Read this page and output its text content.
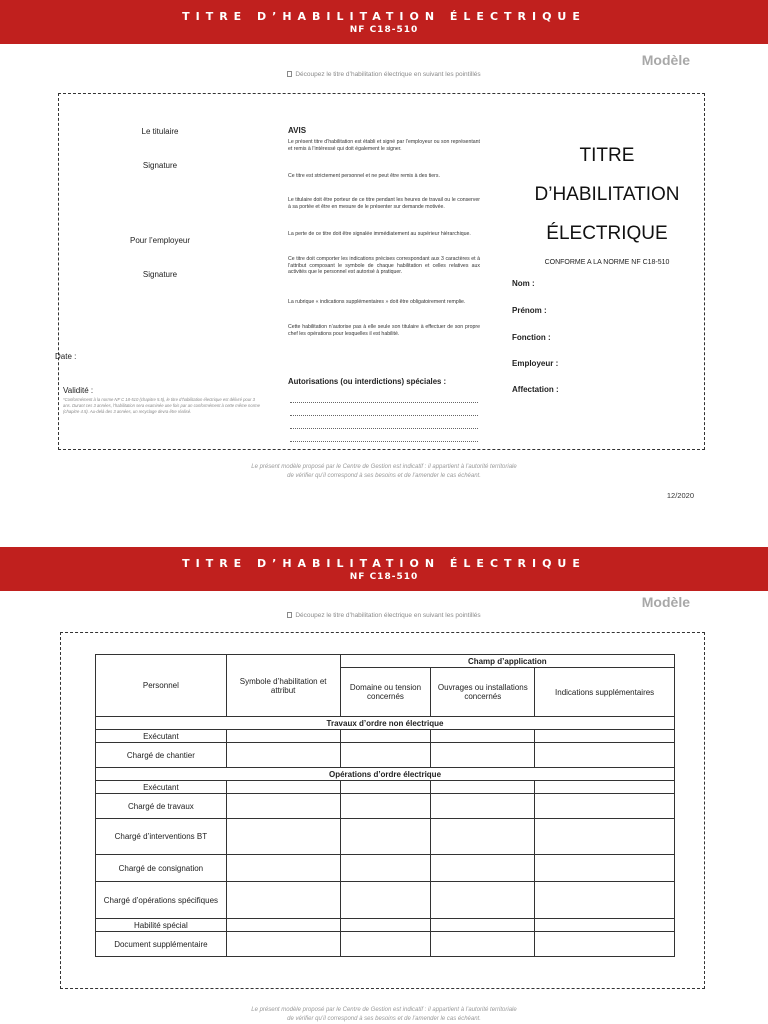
TITRE D’HABILITATION ÉLECTRIQUE
NF C18-510
Modèle
Découpez le titre d’habilitation électrique en suivant les pointillés
Le titulaire
Signature
Pour l’employeur
Signature
Date :
Validité :
*Conformément à la norme NF C 18-510 (chapitre 5.5), le titre d’habilitation électrique est délivré pour 3 ans. Durant ces 3 années, l’habilitation sera examinée une fois par an conformément à cette même norme (chapitre 4.5). Au-delà des 3 années, un recyclage devra être réalisé.
AVIS
Le présent titre d’habilitation est établi et signé par l’employeur ou son représentant et remis à l’intéressé qui doit également le signer.
Ce titre est strictement personnel et ne peut être remis à des tiers.
Le titulaire doit être porteur de ce titre pendant les heures de travail ou le conserver à sa portée et être en mesure de le présenter sur demande motivée.
La perte de ce titre doit être signalée immédiatement au supérieur hiérarchique.
Ce titre doit comporter les indications précises correspondant aux 3 caractères et à l’attribut composant le symbole de chaque habilitation et celles relatives aux activités que le personnel est autorisé à pratiquer.
La rubrique « indications supplémentaires » doit être obligatoirement remplie.
Cette habilitation n’autorise pas à elle seule son titulaire à effectuer de son propre chef les opérations pour lesquelles il est habilité.
Autorisations (ou interdictions) spéciales :
TITRE
D’HABILITATION
ÉLECTRIQUE
CONFORME A LA NORME NF C18-510
Nom :
Prénom :
Fonction :
Employeur :
Affectation :
Le présent modèle proposé par le Centre de Gestion est indicatif : il appartient à l’autorité territoriale
de vérifier qu’il correspond à ses besoins et de l’amender le cas échéant.
12/2020
TITRE D’HABILITATION ÉLECTRIQUE
NF C18-510
Modèle
Découpez le titre d’habilitation électrique en suivant les pointillés
Personnel	Symbole d’habilitation et attribut	Champ d’application		
		Domaine ou tension concernés	Ouvrages ou installations concernés	Indications supplémentaires
Travaux d’ordre non électrique				
Exécutant				
Chargé de chantier				
Opérations d’ordre électrique				
Exécutant				
Chargé de travaux				
Chargé d’interventions BT				
Chargé de consignation				
Chargé d’opérations spécifiques				
Habilité spécial				
Document supplémentaire				
Le présent modèle proposé par le Centre de Gestion est indicatif : il appartient à l’autorité territoriale
de vérifier qu’il correspond à ses besoins et de l’amender le cas échéant.
